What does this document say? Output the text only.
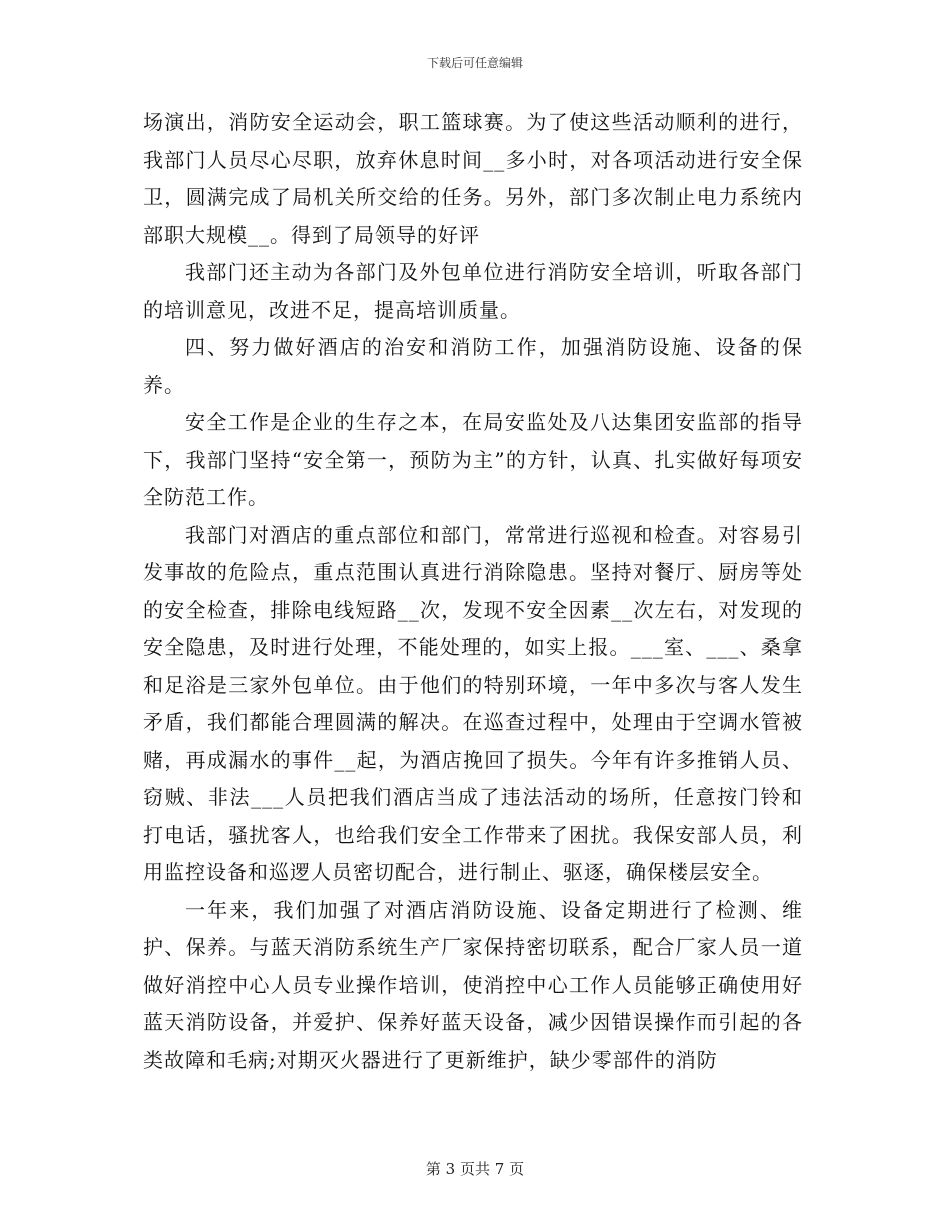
下载后可任意编辑

场演出，消防安全运动会，职工篮球赛。为了使这些活动顺利的进行，我部门人员尽心尽职，放弃休息时间__多小时，对各项活动进行安全保卫，圆满完成了局机关所交给的任务。另外，部门多次制止电力系统内部职大规模__。得到了局领导的好评

我部门还主动为各部门及外包单位进行消防安全培训，听取各部门的培训意见，改进不足，提高培训质量。

四、努力做好酒店的治安和消防工作，加强消防设施、设备的保养。

安全工作是企业的生存之本，在局安监处及八达集团安监部的指导下，我部门坚持“安全第一，预防为主”的方针，认真、扎实做好每项安全防范工作。

我部门对酒店的重点部位和部门，常常进行巡视和检查。对容易引发事故的危险点，重点范围认真进行消除隐患。坚持对餐厅、厨房等处的安全检查，排除电线短路__次，发现不安全因素__次左右，对发现的安全隐患，及时进行处理，不能处理的，如实上报。___室、___、桑拿和足浴是三家外包单位。由于他们的特别环境，一年中多次与客人发生矛盾，我们都能合理圆满的解决。在巡查过程中，处理由于空调水管被赌，再成漏水的事件__起，为酒店挽回了损失。今年有许多推销人员、窃贼、非法___人员把我们酒店当成了违法活动的场所，任意按门铃和打电话，骚扰客人，也给我们安全工作带来了困扰。我保安部人员，利用监控设备和巡逻人员密切配合，进行制止、驱逐，确保楼层安全。

一年来，我们加强了对酒店消防设施、设备定期进行了检测、维护、保养。与蓝天消防系统生产厂家保持密切联系，配合厂家人员一道做好消控中心人员专业操作培训，使消控中心工作人员能够正确使用好蓝天消防设备，并爱护、保养好蓝天设备，减少因错误操作而引起的各类故障和毛病;对期灭火器进行了更新维护，缺少零部件的消防

第 3 页共 7 页
